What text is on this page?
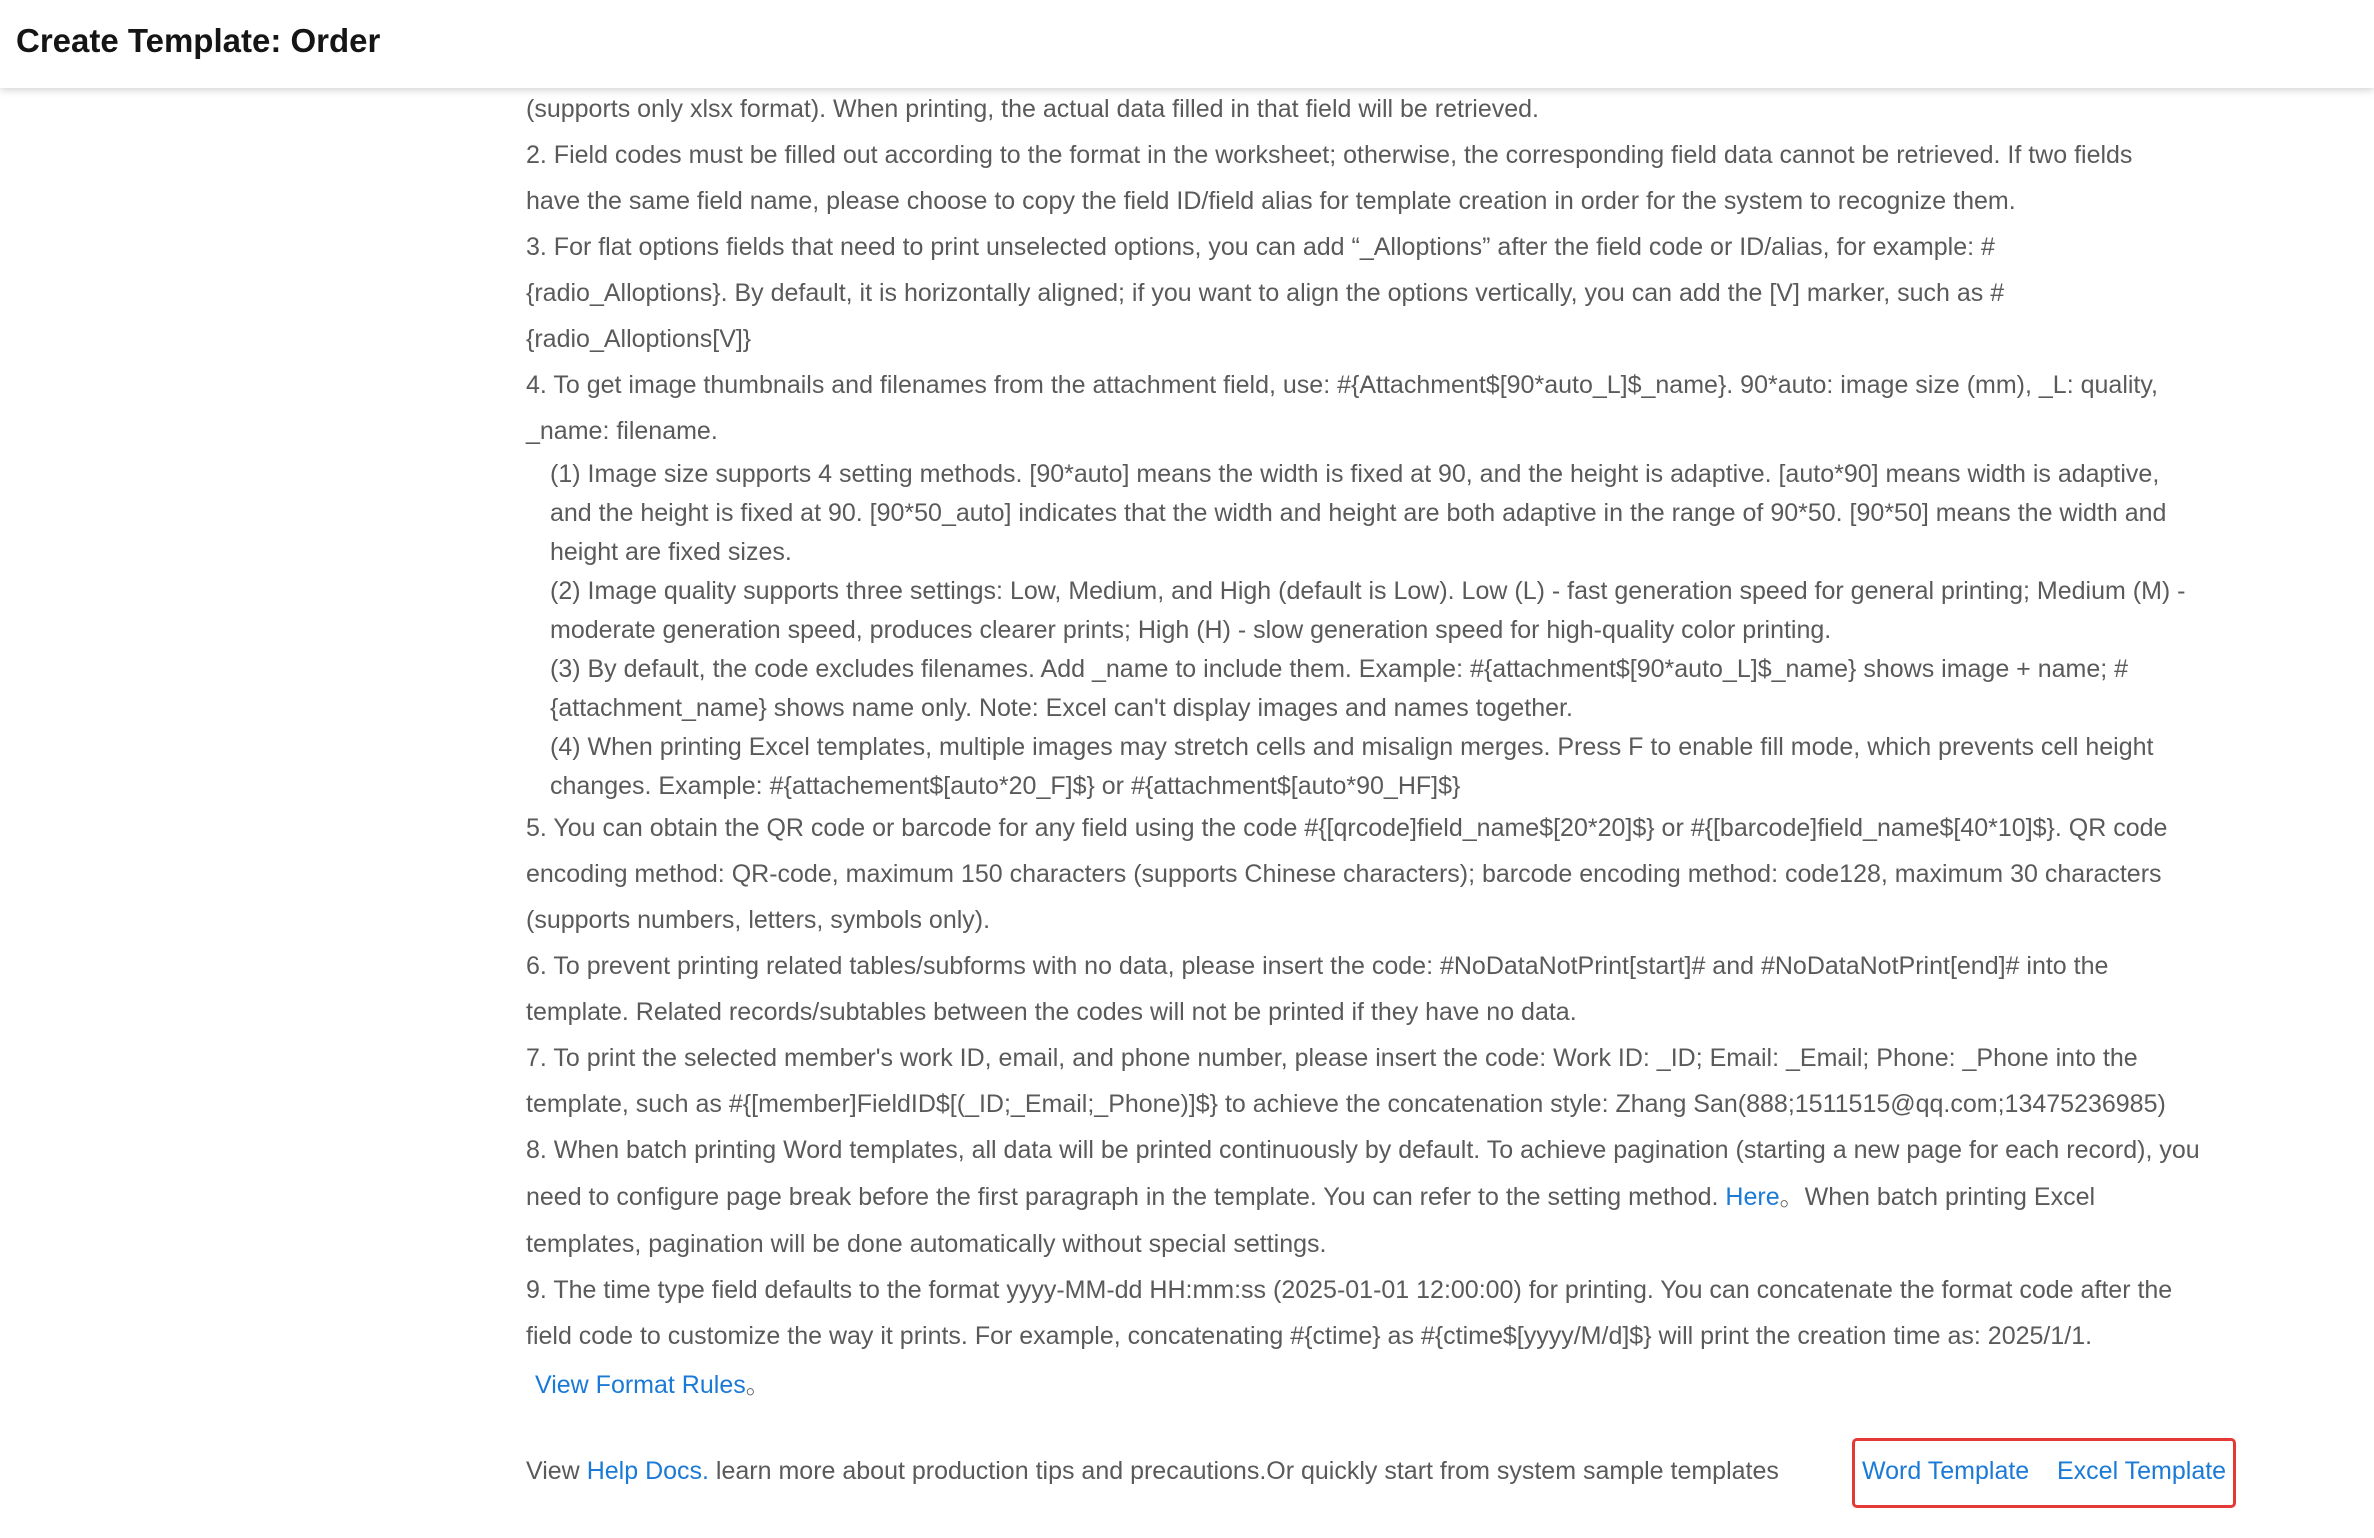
(supports only xlsx format). When printing, the actual data filled in that field will be retrieved.
2. Field codes must be filled out according to the format in the worksheet; otherwise, the corresponding field data cannot be retrieved. If two fields
have the same field name, please choose to copy the field ID/field alias for template creation in order for the system to recognize them.
3. For flat options fields that need to print unselected options, you can add “_Alloptions” after the field code or ID/alias, for example: #
{radio_Alloptions}. By default, it is horizontally aligned; if you want to align the options vertically, you can add the [V] marker, such as #
{radio_Alloptions[V]}
4. To get image thumbnails and filenames from the attachment field, use: #{Attachment$[90*auto_L]$_name}. 90*auto: image size (mm), _L: quality,
_name: filename.
(1) Image size supports 4 setting methods. [90*auto] means the width is fixed at 90, and the height is adaptive. [auto*90] means width is adaptive,
and the height is fixed at 90. [90*50_auto] indicates that the width and height are both adaptive in the range of 90*50. [90*50] means the width and
height are fixed sizes.
(2) Image quality supports three settings: Low, Medium, and High (default is Low). Low (L) - fast generation speed for general printing; Medium (M) -
moderate generation speed, produces clearer prints; High (H) - slow generation speed for high-quality color printing.
(3) By default, the code excludes filenames. Add _name to include them. Example: #{attachment$[90*auto_L]$_name} shows image + name; #
{attachment_name} shows name only. Note: Excel can't display images and names together.
(4) When printing Excel templates, multiple images may stretch cells and misalign merges. Press F to enable fill mode, which prevents cell height
changes. Example: #{attachement$[auto*20_F]$} or #{attachment$[auto*90_HF]$}
5. You can obtain the QR code or barcode for any field using the code #{[qrcode]field_name$[20*20]$} or #{[barcode]field_name$[40*10]$}. QR code
encoding method: QR-code, maximum 150 characters (supports Chinese characters); barcode encoding method: code128, maximum 30 characters
(supports numbers, letters, symbols only).
6. To prevent printing related tables/subforms with no data, please insert the code: #NoDataNotPrint[start]# and #NoDataNotPrint[end]# into the
template. Related records/subtables between the codes will not be printed if they have no data.
7. To print the selected member's work ID, email, and phone number, please insert the code: Work ID: _ID; Email: _Email; Phone: _Phone into the
template, such as #{[member]FieldID$[(_ID;_Email;_Phone)]$} to achieve the concatenation style: Zhang San(888;1511515@qq.com;13475236985)
8. When batch printing Word templates, all data will be printed continuously by default. To achieve pagination (starting a new page for each record), you
need to configure page break before the first paragraph in the template. You can refer to the setting method. Here。When batch printing Excel
templates, pagination will be done automatically without special settings.
9. The time type field defaults to the format yyyy-MM-dd HH:mm:ss (2025-01-01 12:00:00) for printing. You can concatenate the format code after the
field code to customize the way it prints. For example, concatenating #{ctime} as #{ctime$[yyyy/M/d]$} will print the creation time as: 2025/1/1.
View Format Rules。
View Help Docs. learn more about production tips and precautions.Or quickly start from system sample templates	Word Template Excel Template
Create Template: Order
